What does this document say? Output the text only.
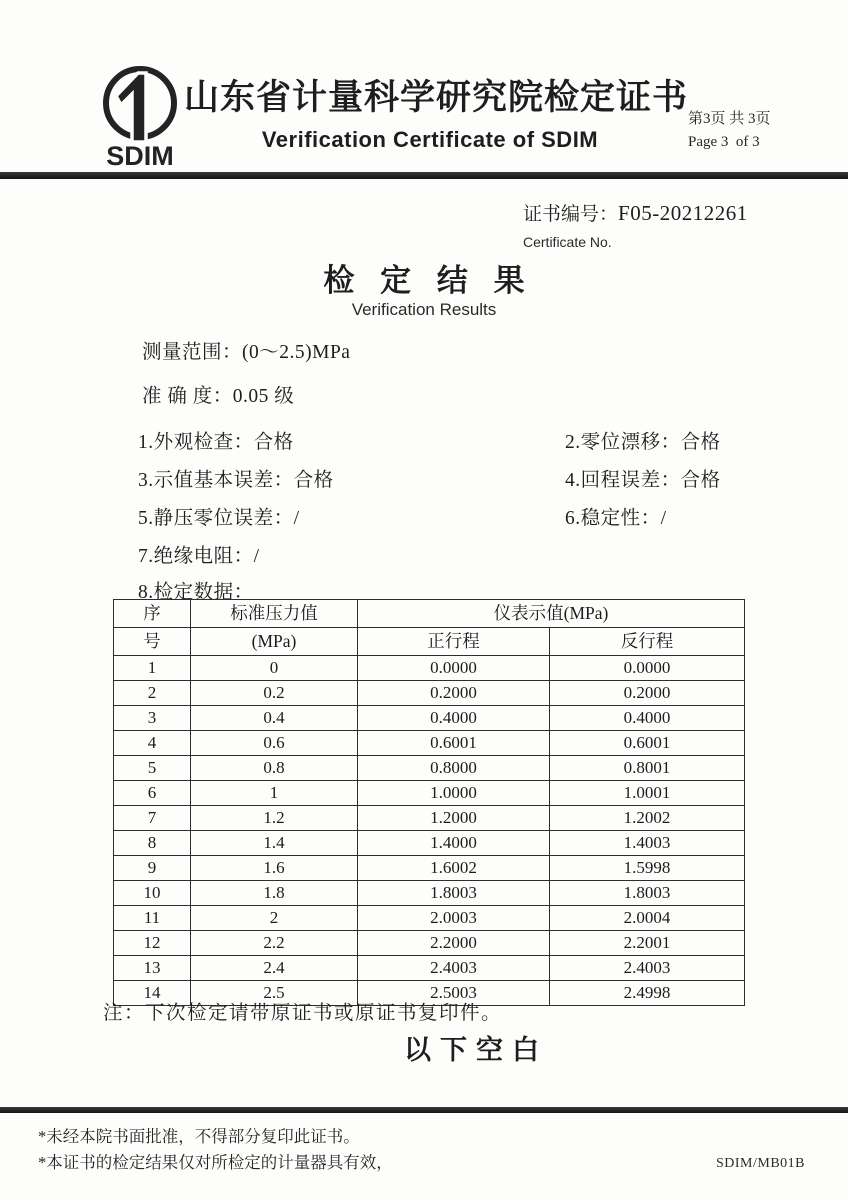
SDIM
山东省计量科学研究院检定证书
Verification Certificate of SDIM
第3页 共 3页
Page 3  of 3
证书编号：F05-20212261
Certificate No.
检 定 结 果
Verification Results
测量范围：(0～2.5)MPa
准 确 度：0.05 级
1.外观检查：合格	2.零位漂移：合格
3.示值基本误差：合格	4.回程误差：合格
5.静压零位误差：/	6.稳定性：/
7.绝缘电阻：/
8.检定数据：
序	标准压力值	仪表示值(MPa)	
号	(MPa)	正行程	反行程
1	0	0.0000	0.0000
2	0.2	0.2000	0.2000
3	0.4	0.4000	0.4000
4	0.6	0.6001	0.6001
5	0.8	0.8000	0.8001
6	1	1.0000	1.0001
7	1.2	1.2000	1.2002
8	1.4	1.4000	1.4003
9	1.6	1.6002	1.5998
10	1.8	1.8003	1.8003
11	2	2.0003	2.0004
12	2.2	2.2000	2.2001
13	2.4	2.4003	2.4003
14	2.5	2.5003	2.4998
注：下次检定请带原证书或原证书复印件。
以下空白
*未经本院书面批准，不得部分复印此证书。
*本证书的检定结果仅对所检定的计量器具有效，	SDIM/MB01B
